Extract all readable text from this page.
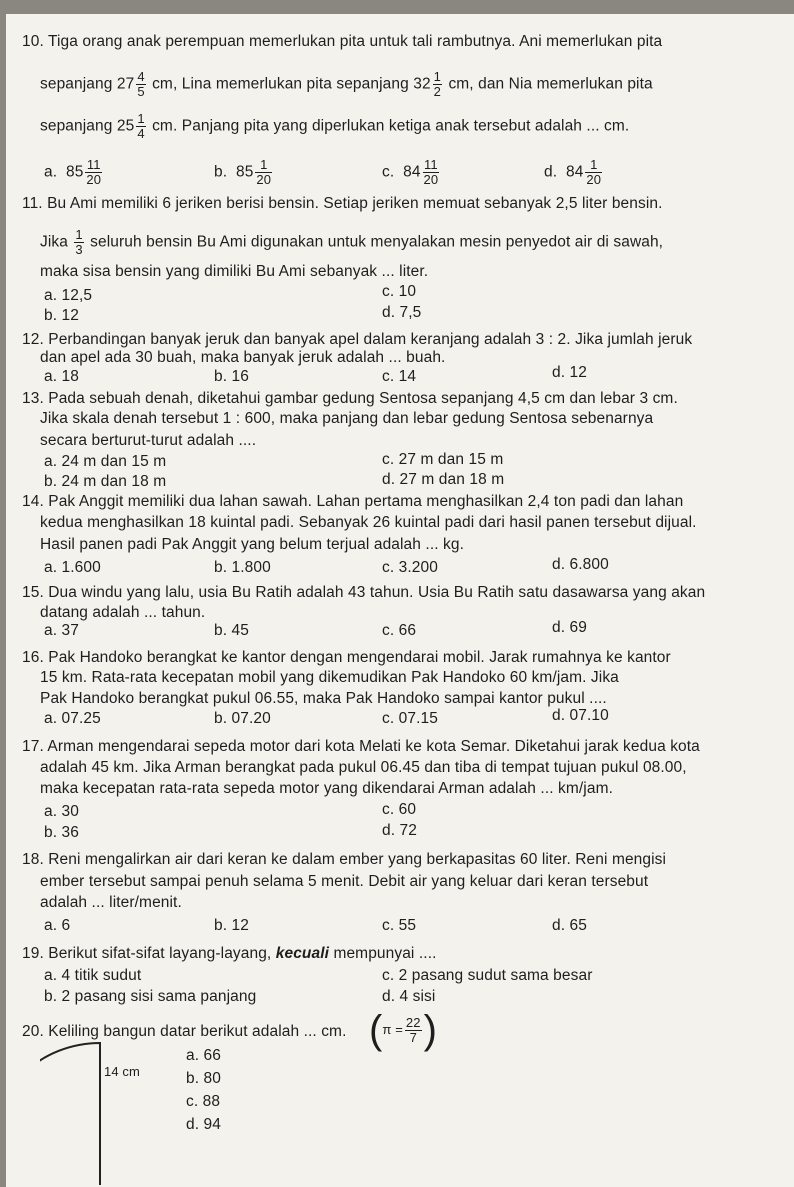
10. Tiga orang anak perempuan memerlukan pita untuk tali rambutnya. Ani memerlukan pita
sepanjang $27 \frac{4}{5}$ cm, Lina memerlukan pita sepanjang $32 \frac{1}{2}$ cm, dan Nia memerlukan pita
sepanjang $25 \frac{1}{4}$ cm. Panjang pita yang diperlukan ketiga anak tersebut adalah ... cm.
a. $85 \frac{11}{20}$	b. $85 \frac{1}{20}$	c. $84 \frac{11}{20}$	d. $84 \frac{1}{20}$
11. Bu Ami memiliki 6 jeriken berisi bensin. Setiap jeriken memuat sebanyak 2,5 liter bensin.
Jika $\frac{1}{3}$ seluruh bensin Bu Ami digunakan untuk menyalakan mesin penyedot air di sawah,
maka sisa bensin yang dimiliki Bu Ami sebanyak ... liter.
a. 12,5
b. 12
c. 10
d. 7,5
12. Perbandingan banyak jeruk dan banyak apel dalam keranjang adalah 3 : 2. Jika jumlah jeruk
dan apel ada 30 buah, maka banyak jeruk adalah ... buah.
a. 18	b. 16	c. 14	d. 12
13. Pada sebuah denah, diketahui gambar gedung Sentosa sepanjang 4,5 cm dan lebar 3 cm.
Jika skala denah tersebut 1 : 600, maka panjang dan lebar gedung Sentosa sebenarnya
secara berturut-turut adalah ....
a. 24 m dan 15 m
b. 24 m dan 18 m
c. 27 m dan 15 m
d. 27 m dan 18 m
14. Pak Anggit memiliki dua lahan sawah. Lahan pertama menghasilkan 2,4 ton padi dan lahan
kedua menghasilkan 18 kuintal padi. Sebanyak 26 kuintal padi dari hasil panen tersebut dijual.
Hasil panen padi Pak Anggit yang belum terjual adalah ... kg.
a. 1.600	b. 1.800	c. 3.200	d. 6.800
15. Dua windu yang lalu, usia Bu Ratih adalah 43 tahun. Usia Bu Ratih satu dasawarsa yang akan
datang adalah ... tahun.
a. 37	b. 45	c. 66	d. 69
16. Pak Handoko berangkat ke kantor dengan mengendarai mobil. Jarak rumahnya ke kantor
15 km. Rata-rata kecepatan mobil yang dikemudikan Pak Handoko 60 km/jam. Jika
Pak Handoko berangkat pukul 06.55, maka Pak Handoko sampai kantor pukul ....
a. 07.25	b. 07.20	c. 07.15	d. 07.10
17. Arman mengendarai sepeda motor dari kota Melati ke kota Semar. Diketahui jarak kedua kota
adalah 45 km. Jika Arman berangkat pada pukul 06.45 dan tiba di tempat tujuan pukul 08.00,
maka kecepatan rata-rata sepeda motor yang dikendarai Arman adalah ... km/jam.
a. 30
b. 36
c. 60
d. 72
18. Reni mengalirkan air dari keran ke dalam ember yang berkapasitas 60 liter. Reni mengisi
ember tersebut sampai penuh selama 5 menit. Debit air yang keluar dari keran tersebut
adalah ... liter/menit.
a. 6	b. 12	c. 55	d. 65
19. Berikut sifat-sifat layang-layang, kecuali mempunyai ....
a. 4 titik sudut
b. 2 pasang sisi sama panjang
c. 2 pasang sudut sama besar
d. 4 sisi
20. Keliling bangun datar berikut adalah ... cm. ($\pi = \frac{22}{7}$ )
a. 66
b. 80
c. 88
d. 94
14 cm
